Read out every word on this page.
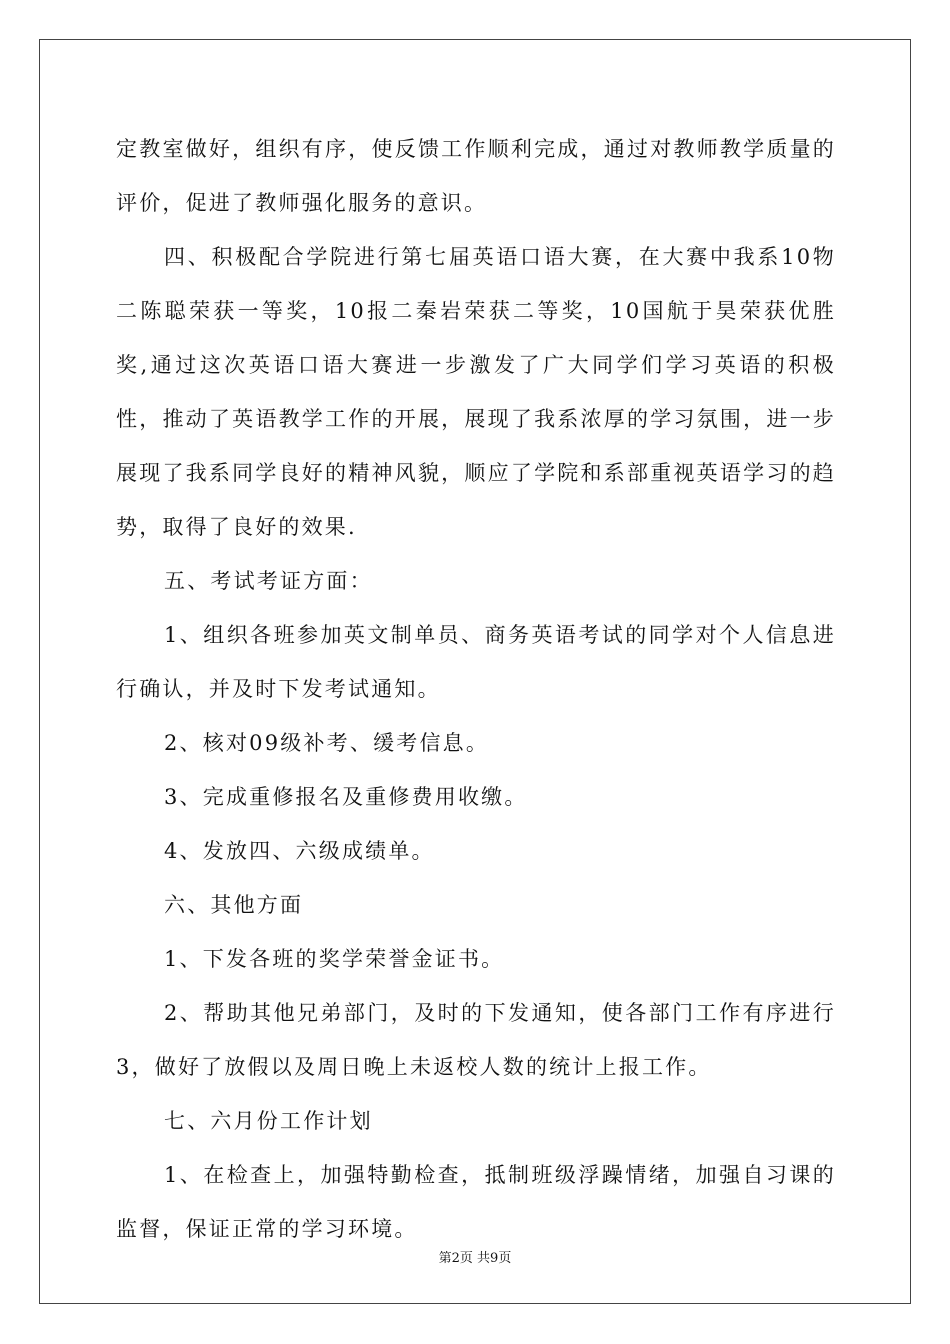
定教室做好，组织有序，使反馈工作顺利完成，通过对教师教学质量的评价，促进了教师强化服务的意识。

四、积极配合学院进行第七届英语口语大赛，在大赛中我系10物二陈聪荣获一等奖，10报二秦岩荣获二等奖，10国航于昊荣获优胜奖,通过这次英语口语大赛进一步激发了广大同学们学习英语的积极性，推动了英语教学工作的开展，展现了我系浓厚的学习氛围，进一步展现了我系同学良好的精神风貌，顺应了学院和系部重视英语学习的趋势，取得了良好的效果.

五、考试考证方面：

1、组织各班参加英文制单员、商务英语考试的同学对个人信息进行确认，并及时下发考试通知。

2、核对09级补考、缓考信息。

3、完成重修报名及重修费用收缴。

4、发放四、六级成绩单。

六、其他方面

1、下发各班的奖学荣誉金证书。

2、帮助其他兄弟部门，及时的下发通知，使各部门工作有序进行 3，做好了放假以及周日晚上未返校人数的统计上报工作。

七、六月份工作计划

1、在检查上，加强特勤检查，抵制班级浮躁情绪，加强自习课的监督，保证正常的学习环境。

第2页 共9页
